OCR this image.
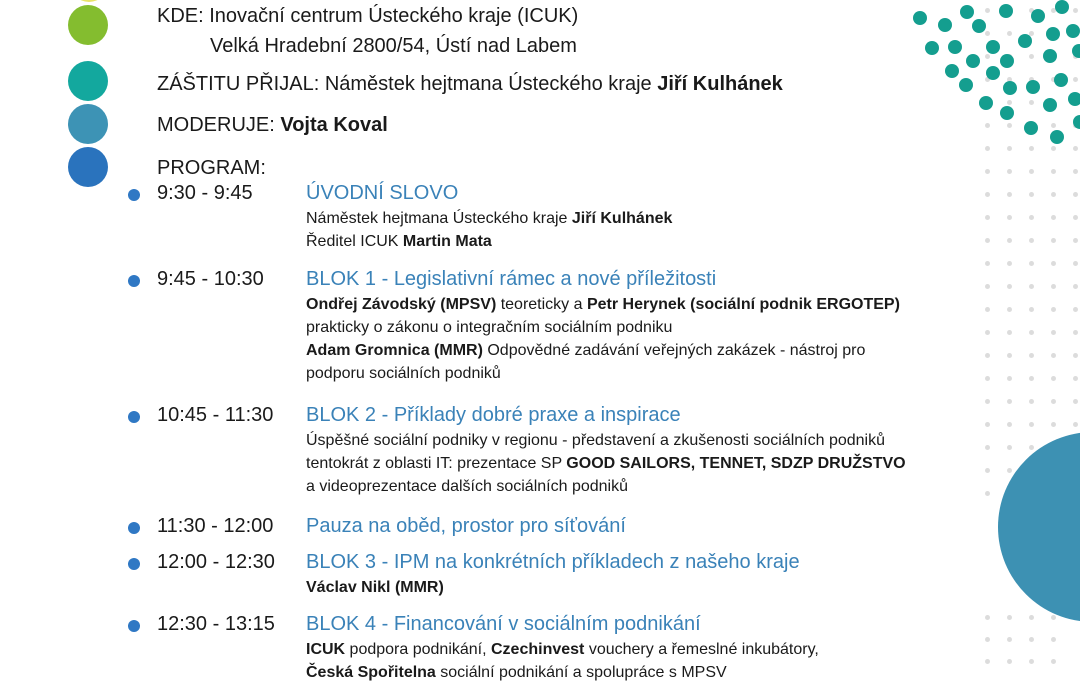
KDE: Inovační centrum Ústeckého kraje (ICUK)
Velká Hradební 2800/54, Ústí nad Labem
ZÁŠTITU PŘIJAL: Náměstek hejtmana Ústeckého kraje Jiří Kulhánek
MODERUJE: Vojta Koval
PROGRAM:
9:30 - 9:45	ÚVODNÍ SLOVO
Náměstek hejtmana Ústeckého kraje Jiří Kulhánek
Ředitel ICUK Martin Mata
9:45 - 10:30 BLOK 1 - Legislativní rámec a nové příležitosti
Ondřej Závodský (MPSV) teoreticky a Petr Herynek (sociální podnik ERGOTEP)
prakticky o zákonu o integračním sociálním podniku
Adam Gromnica (MMR) Odpovědné zadávání veřejných zakázek - nástroj pro
podporu sociálních podniků
10:45 - 11:30 BLOK 2 - Příklady dobré praxe a inspirace
Úspěšné sociální podniky v regionu - představení a zkušenosti sociálních podniků
tentokrát z oblasti IT: prezentace SP GOOD SAILORS, TENNET, SDZP DRUŽSTVO
a videoprezentace dalších sociálních podniků
11:30 - 12:00 Pauza na oběd, prostor pro síťování
12:00 - 12:30 BLOK 3 - IPM na konkrétních příkladech z našeho kraje
Václav Nikl (MMR)
12:30 - 13:15 BLOK 4 - Financování v sociálním podnikání
ICUK podpora podnikání, Czechinvest vouchery a řemeslné inkubátory,
Česká Spořitelna sociální podnikání a spolupráce s MPSV
